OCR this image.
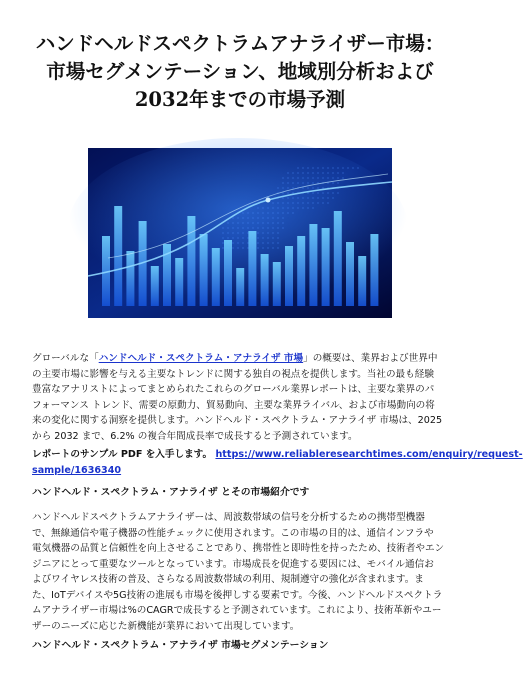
ハンドヘルドスペクトラムアナライザー市場：
市場セグメンテーション、地域別分析および
2032年までの市場予測

グローバルな「ハンドヘルド・スペクトラム・アナライザ 市場」の概要は、業界および世界中
の主要市場に影響を与える主要なトレンドに関する独自の視点を提供します。当社の最も経験
豊富なアナリストによってまとめられたこれらのグローバル業界レポートは、主要な業界のパ
フォーマンス トレンド、需要の原動力、貿易動向、主要な業界ライバル、および市場動向の将
来の変化に関する洞察を提供します。ハンドヘルド・スペクトラム・アナライザ 市場は、2025
から 2032 まで、6.2% の複合年間成長率で成長すると予測されています。

レポートのサンプル PDF を入手します。 https://www.reliableresearchtimes.com/enquiry/request-
sample/1636340

ハンドヘルド・スペクトラム・アナライザ とその市場紹介です

ハンドヘルドスペクトラムアナライザーは、周波数帯域の信号を分析するための携帯型機器
で、無線通信や電子機器の性能チェックに使用されます。この市場の目的は、通信インフラや
電気機器の品質と信頼性を向上させることであり、携帯性と即時性を持ったため、技術者やエン
ジニアにとって重要なツールとなっています。市場成長を促進する要因には、モバイル通信お
よびワイヤレス技術の普及、さらなる周波数帯域の利用、規制遵守の強化が含まれます。ま
た、IoTデバイスや5G技術の進展も市場を後押しする要素です。今後、ハンドヘルドスペクトラ
ムアナライザー市場は%のCAGRで成長すると予測されています。これにより、技術革新やユー
ザーのニーズに応じた新機能が業界において出現しています。

ハンドヘルド・スペクトラム・アナライザ 市場セグメンテーション
